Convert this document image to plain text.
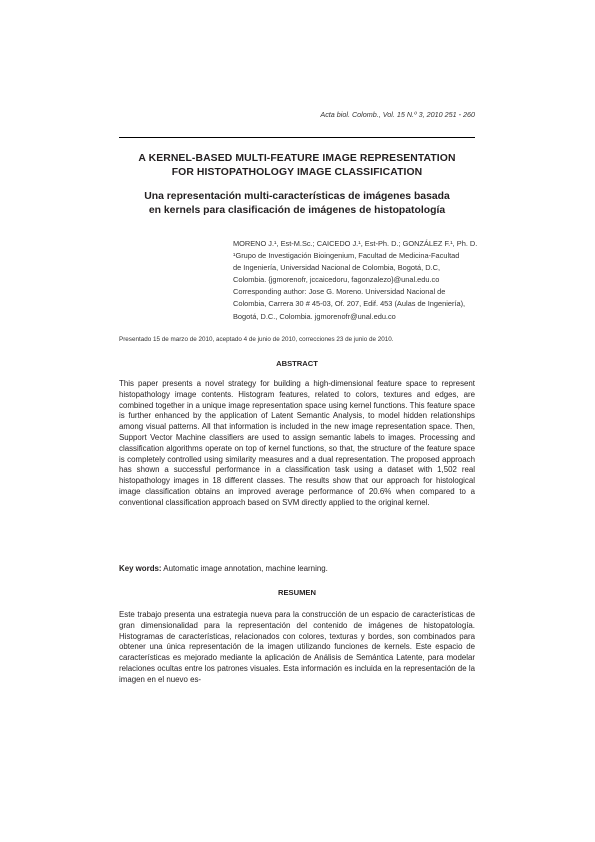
Acta biol. Colomb., Vol. 15 N.º 3, 2010 251 - 260
A KERNEL-BASED MULTI-FEATURE IMAGE REPRESENTATION
FOR HISTOPATHOLOGY IMAGE CLASSIFICATION
Una representación multi-características de imágenes basada
en kernels para clasificación de imágenes de histopatología
MORENO J.¹, Est-M.Sc.; CAICEDO J.¹, Est-Ph. D.; GONZÁLEZ F.¹, Ph. D.
¹Grupo de Investigación Bioingenium, Facultad de Medicina-Facultad
de Ingeniería, Universidad Nacional de Colombia, Bogotá, D.C,
Colombia. {jgmorenofr, jccaicedoru, fagonzalezo}@unal.edu.co
Corresponding author: Jose G. Moreno. Universidad Nacional de
Colombia, Carrera 30 # 45-03, Of. 207, Edif. 453 (Aulas de Ingeniería),
Bogotá, D.C., Colombia. jgmorenofr@unal.edu.co
Presentado 15 de marzo de 2010, aceptado 4 de junio de 2010, correcciones 23 de junio de 2010.
ABSTRACT
This paper presents a novel strategy for building a high-dimensional feature space to represent histopathology image contents. Histogram features, related to colors, textures and edges, are combined together in a unique image representation space using kernel functions. This feature space is further enhanced by the application of Latent Semantic Analysis, to model hidden relationships among visual patterns. All that information is included in the new image representation space. Then, Support Vector Machine classifiers are used to assign semantic labels to images. Processing and classification algorithms operate on top of kernel functions, so that, the structure of the feature space is completely controlled using similarity measures and a dual representation. The proposed approach has shown a successful performance in a classification task using a dataset with 1,502 real histopathology images in 18 different classes. The results show that our approach for histological image classification obtains an improved average performance of 20.6% when compared to a conventional classification approach based on SVM directly applied to the original kernel.
Key words: Automatic image annotation, machine learning.
RESUMEN
Este trabajo presenta una estrategia nueva para la construcción de un espacio de características de gran dimensionalidad para la representación del contenido de imágenes de histopatología. Histogramas de características, relacionados con colores, texturas y bordes, son combinados para obtener una única representación de la imagen utilizando funciones de kernels. Este espacio de características es mejorado mediante la aplicación de Análisis de Semántica Latente, para modelar relaciones ocultas entre los patrones visuales. Esta información es incluida en la representación de la imagen en el nuevo es-
